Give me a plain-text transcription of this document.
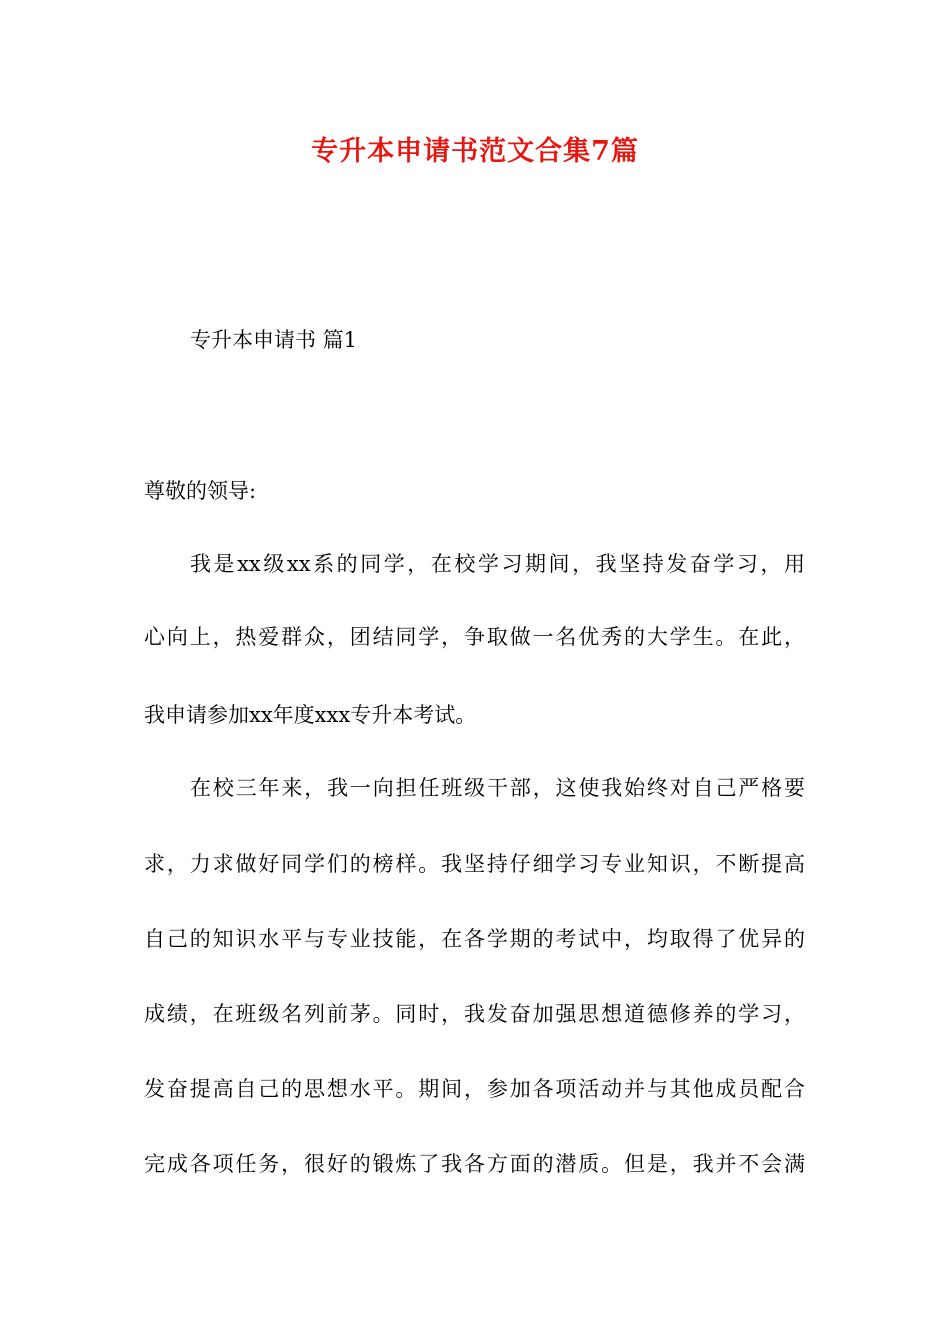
专升本申请书范文合集7篇
专升本申请书 篇1
尊敬的领导:
我是xx级xx系的同学，在校学习期间，我坚持发奋学习，用
心向上，热爱群众，团结同学，争取做一名优秀的大学生。在此，
我申请参加xx年度xxx专升本考试。
在校三年来，我一向担任班级干部，这使我始终对自己严格要
求，力求做好同学们的榜样。我坚持仔细学习专业知识，不断提高
自己的知识水平与专业技能，在各学期的考试中，均取得了优异的
成绩，在班级名列前茅。同时，我发奋加强思想道德修养的学习，
发奋提高自己的思想水平。期间，参加各项活动并与其他成员配合
完成各项任务，很好的锻炼了我各方面的潜质。但是，我并不会满
